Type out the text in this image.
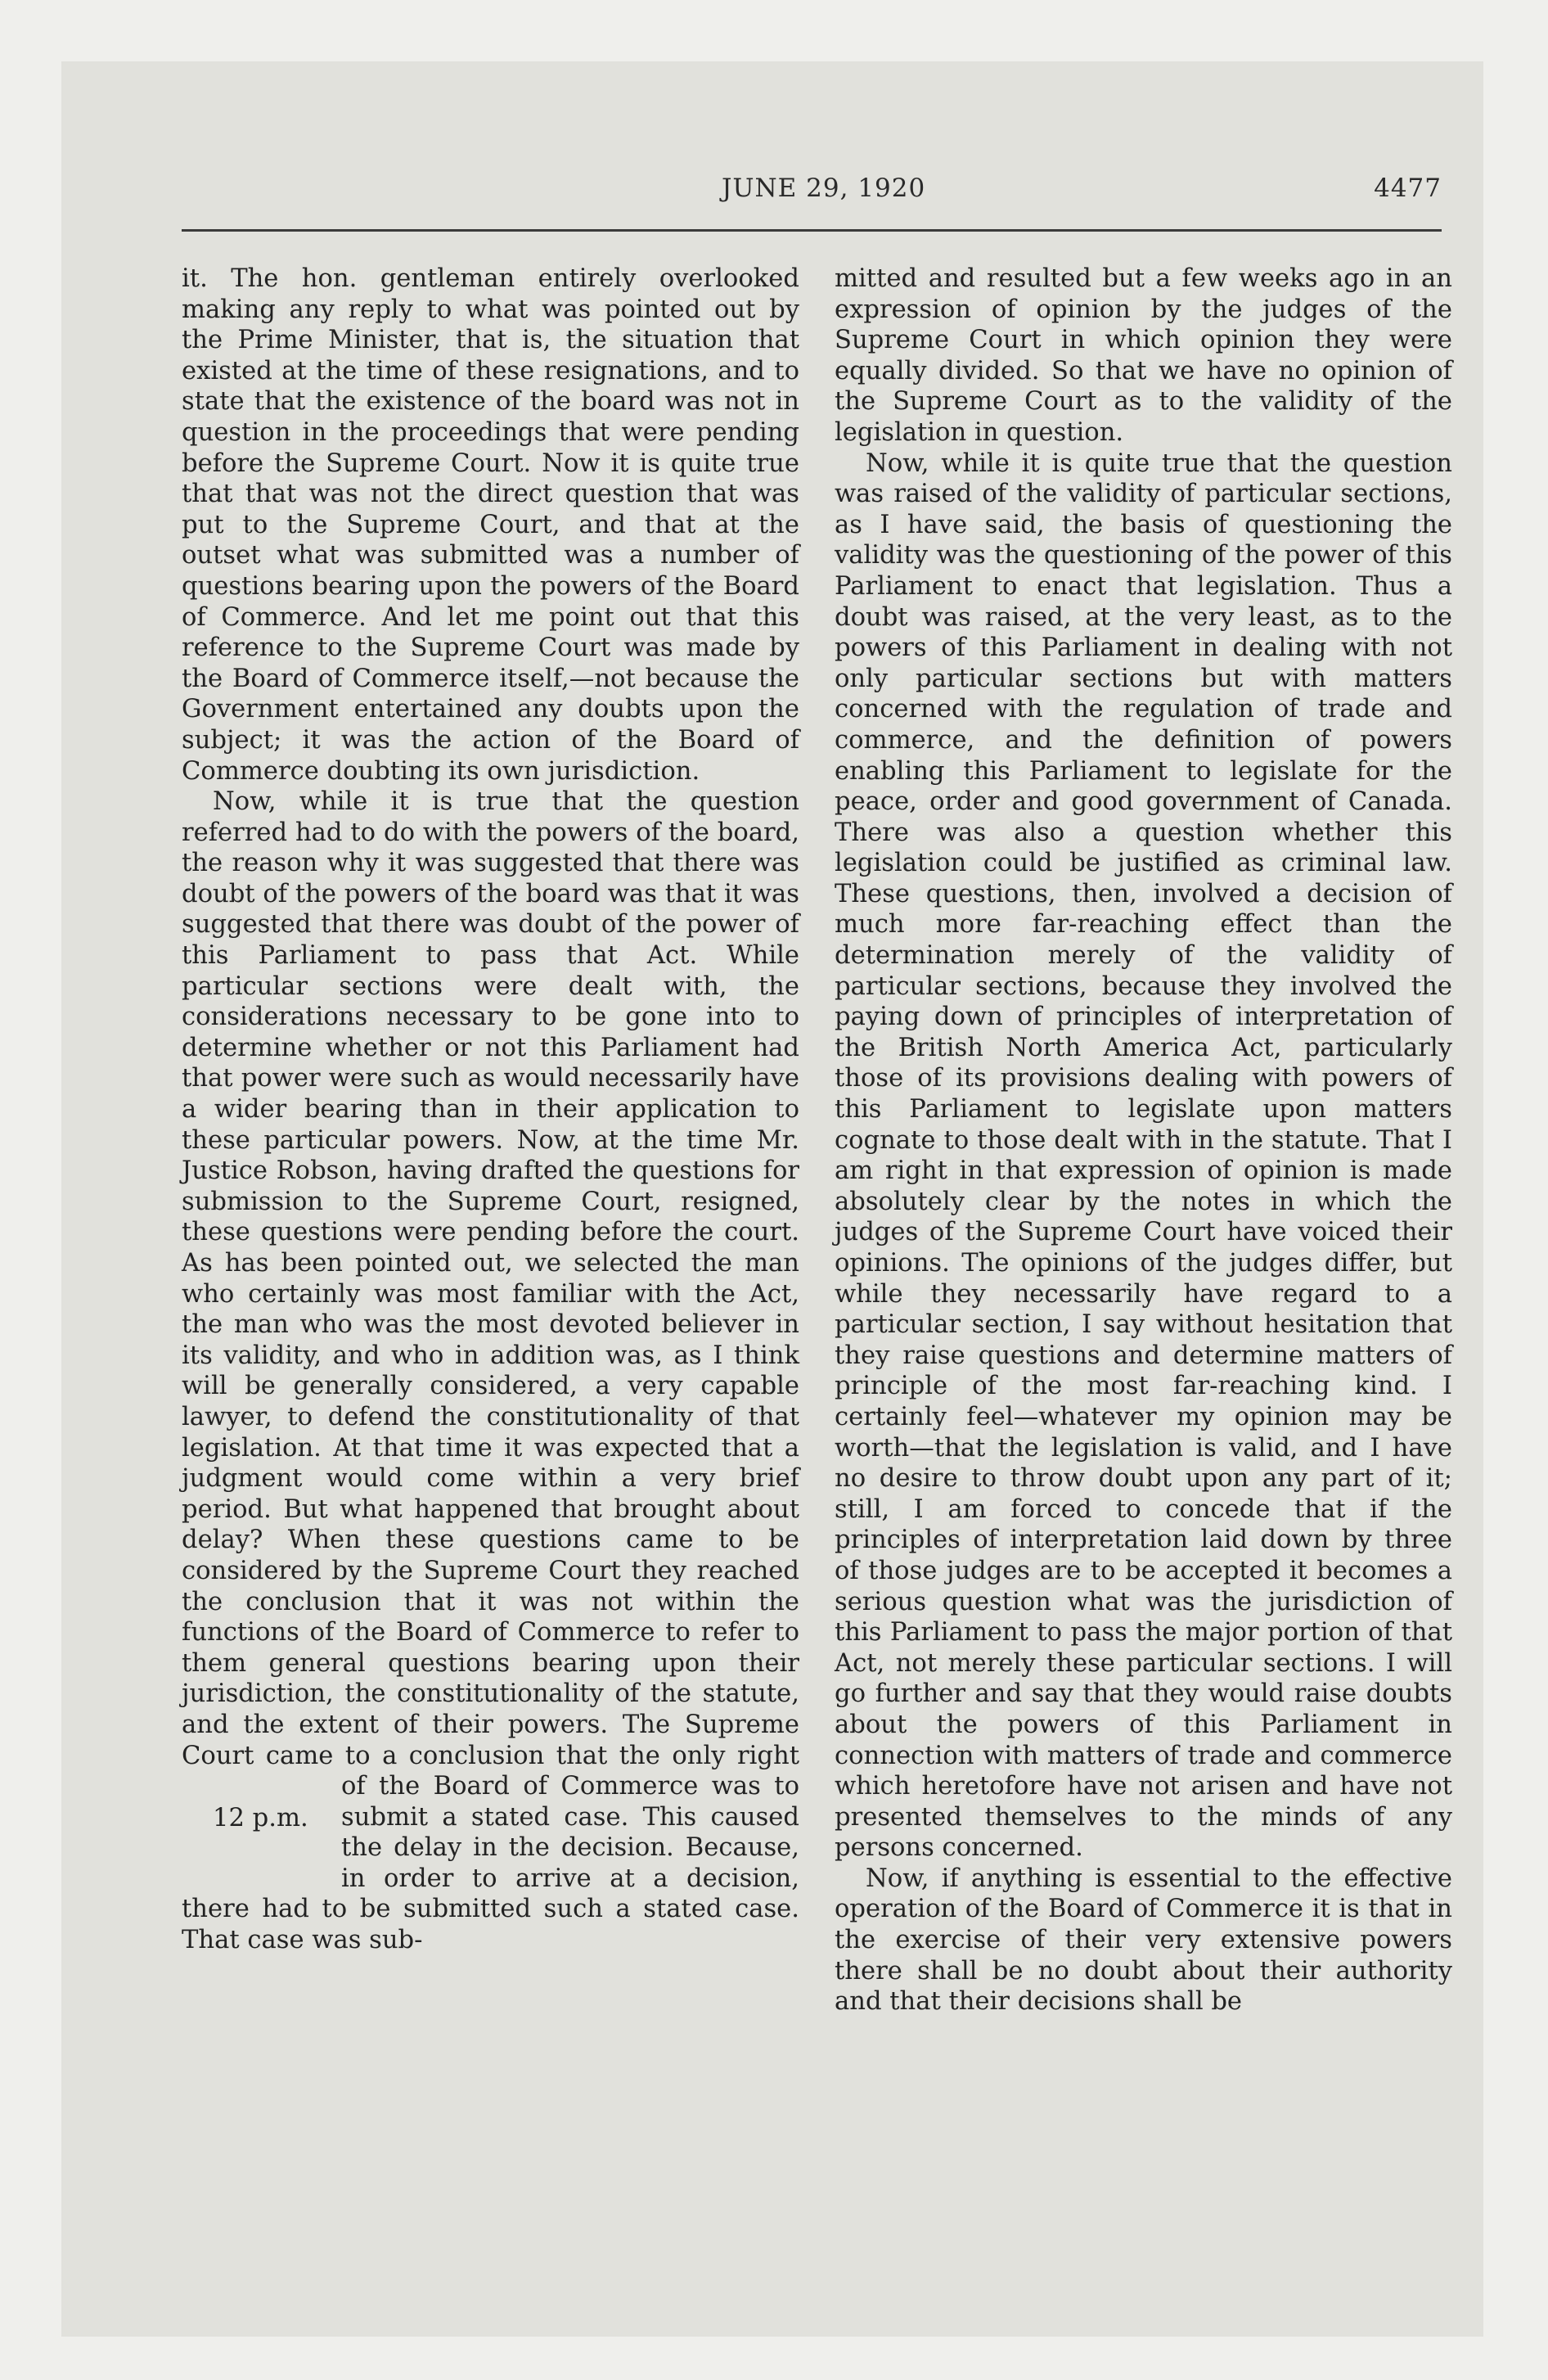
JUNE 29, 1920	4477

it. The hon. gentleman entirely overlooked making any reply to what was pointed out by the Prime Minister, that is, the situation that existed at the time of these resignations, and to state that the existence of the board was not in question in the proceedings that were pending before the Supreme Court. Now it is quite true that that was not the direct question that was put to the Supreme Court, and that at the outset what was submitted was a number of questions bearing upon the powers of the Board of Commerce. And let me point out that this reference to the Supreme Court was made by the Board of Commerce itself,—not because the Government entertained any doubts upon the subject; it was the action of the Board of Commerce doubting its own jurisdiction.

Now, while it is true that the question referred had to do with the powers of the board, the reason why it was suggested that there was doubt of the powers of the board was that it was suggested that there was doubt of the power of this Parliament to pass that Act. While particular sections were dealt with, the considerations necessary to be gone into to determine whether or not this Parliament had that power were such as would necessarily have a wider bearing than in their application to these particular powers. Now, at the time Mr. Justice Robson, having drafted the questions for submission to the Supreme Court, resigned, these questions were pending before the court. As has been pointed out, we selected the man who certainly was most familiar with the Act, the man who was the most devoted believer in its validity, and who in addition was, as I think will be generally considered, a very capable lawyer, to defend the constitutionality of that legislation. At that time it was expected that a judgment would come within a very brief period. But what happened that brought about delay? When these questions came to be considered by the Supreme Court they reached the conclusion that it was not within the functions of the Board of Commerce to refer to them general questions bearing upon their jurisdiction, the constitutionality of the statute, and the extent of their powers. The Supreme Court came to a conclusion that the only right of the Board of Commerce was
12 p.m.
to submit a stated case. This caused the delay in the decision. Because, in order to arrive at a decision, there had to be submitted such a stated case. That case was sub-

mitted and resulted but a few weeks ago in an expression of opinion by the judges of the Supreme Court in which opinion they were equally divided. So that we have no opinion of the Supreme Court as to the validity of the legislation in question.

Now, while it is quite true that the question was raised of the validity of particular sections, as I have said, the basis of questioning the validity was the questioning of the power of this Parliament to enact that legislation. Thus a doubt was raised, at the very least, as to the powers of this Parliament in dealing with not only particular sections but with matters concerned with the regulation of trade and commerce, and the definition of powers enabling this Parliament to legislate for the peace, order and good government of Canada. There was also a question whether this legislation could be justified as criminal law. These questions, then, involved a decision of much more far-reaching effect than the determination merely of the validity of particular sections, because they involved the paying down of principles of interpretation of the British North America Act, particularly those of its provisions dealing with powers of this Parliament to legislate upon matters cognate to those dealt with in the statute. That I am right in that expression of opinion is made absolutely clear by the notes in which the judges of the Supreme Court have voiced their opinions. The opinions of the judges differ, but while they necessarily have regard to a particular section, I say without hesitation that they raise questions and determine matters of principle of the most far-reaching kind. I certainly feel—whatever my opinion may be worth—that the legislation is valid, and I have no desire to throw doubt upon any part of it; still, I am forced to concede that if the principles of interpretation laid down by three of those judges are to be accepted it becomes a serious question what was the jurisdiction of this Parliament to pass the major portion of that Act, not merely these particular sections. I will go further and say that they would raise doubts about the powers of this Parliament in connection with matters of trade and commerce which heretofore have not arisen and have not presented themselves to the minds of any persons concerned.

Now, if anything is essential to the effective operation of the Board of Commerce it is that in the exercise of their very extensive powers there shall be no doubt about their authority and that their decisions shall be
